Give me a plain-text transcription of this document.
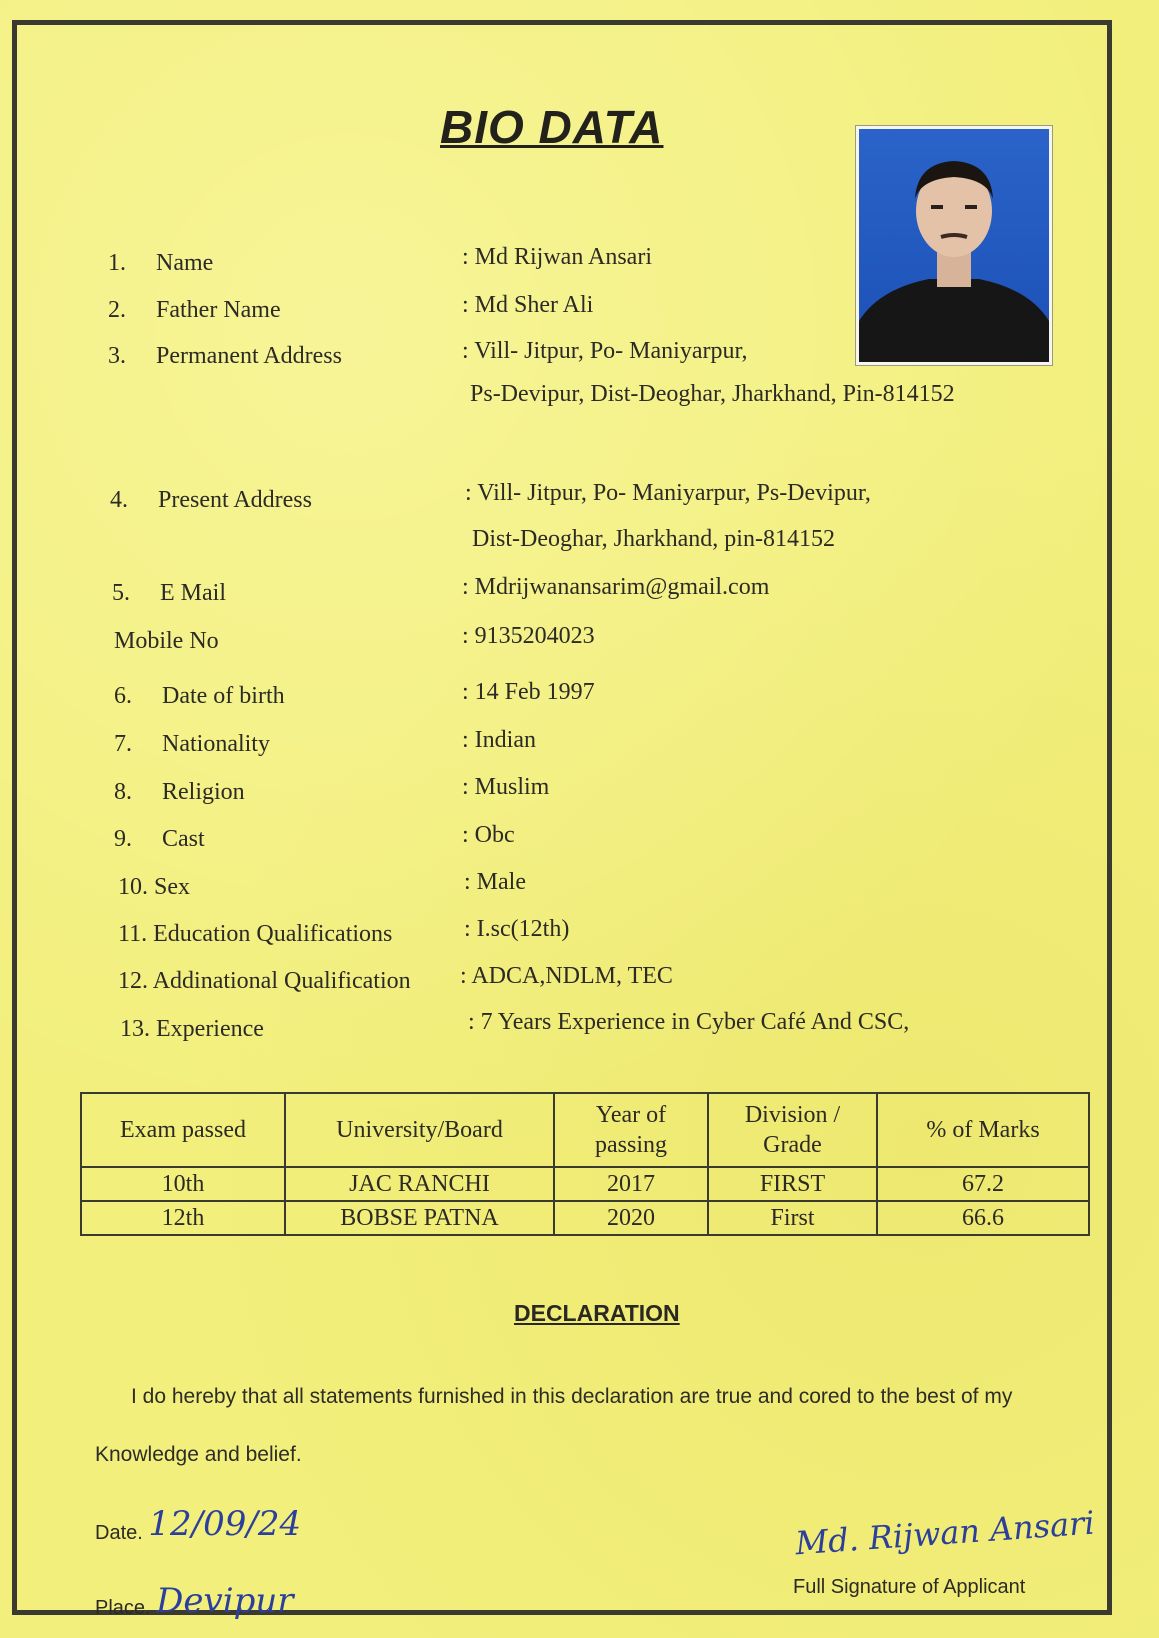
BIO DATA

1. Name	: Md Rijwan Ansari

2. Father Name	: Md Sher Ali

3. Permanent Address	: Vill- Jitpur, Po- Maniyarpur,

Ps-Devipur, Dist-Deoghar, Jharkhand, Pin-814152

4. Present Address	: Vill- Jitpur, Po- Maniyarpur, Ps-Devipur,

Dist-Deoghar, Jharkhand, pin-814152

5. E Mail	: Mdrijwanansarim@gmail.com

Mobile No	: 9135204023

6. Date of birth	: 14 Feb 1997

7. Nationality	: Indian

8. Religion	: Muslim

9. Cast	: Obc

10. Sex	: Male

11. Education Qualifications	: I.sc(12th)

12. Addinational Qualification : ADCA,NDLM, TEC

13. Experience	: 7 Years Experience in Cyber Café And CSC,

Exam passed	University/Board	Year of passing	Division / Grade	% of Marks
10th	JAC RANCHI	2017	FIRST	67.2
12th	BOBSE PATNA	2020	First	66.6
DECLARATION

I do hereby that all statements furnished in this declaration are true and cored to the best of my Knowledge and belief.

Date. 12/09/24
Place. Devipur
Md. Rijwan Ansari
Full Signature of Applicant
